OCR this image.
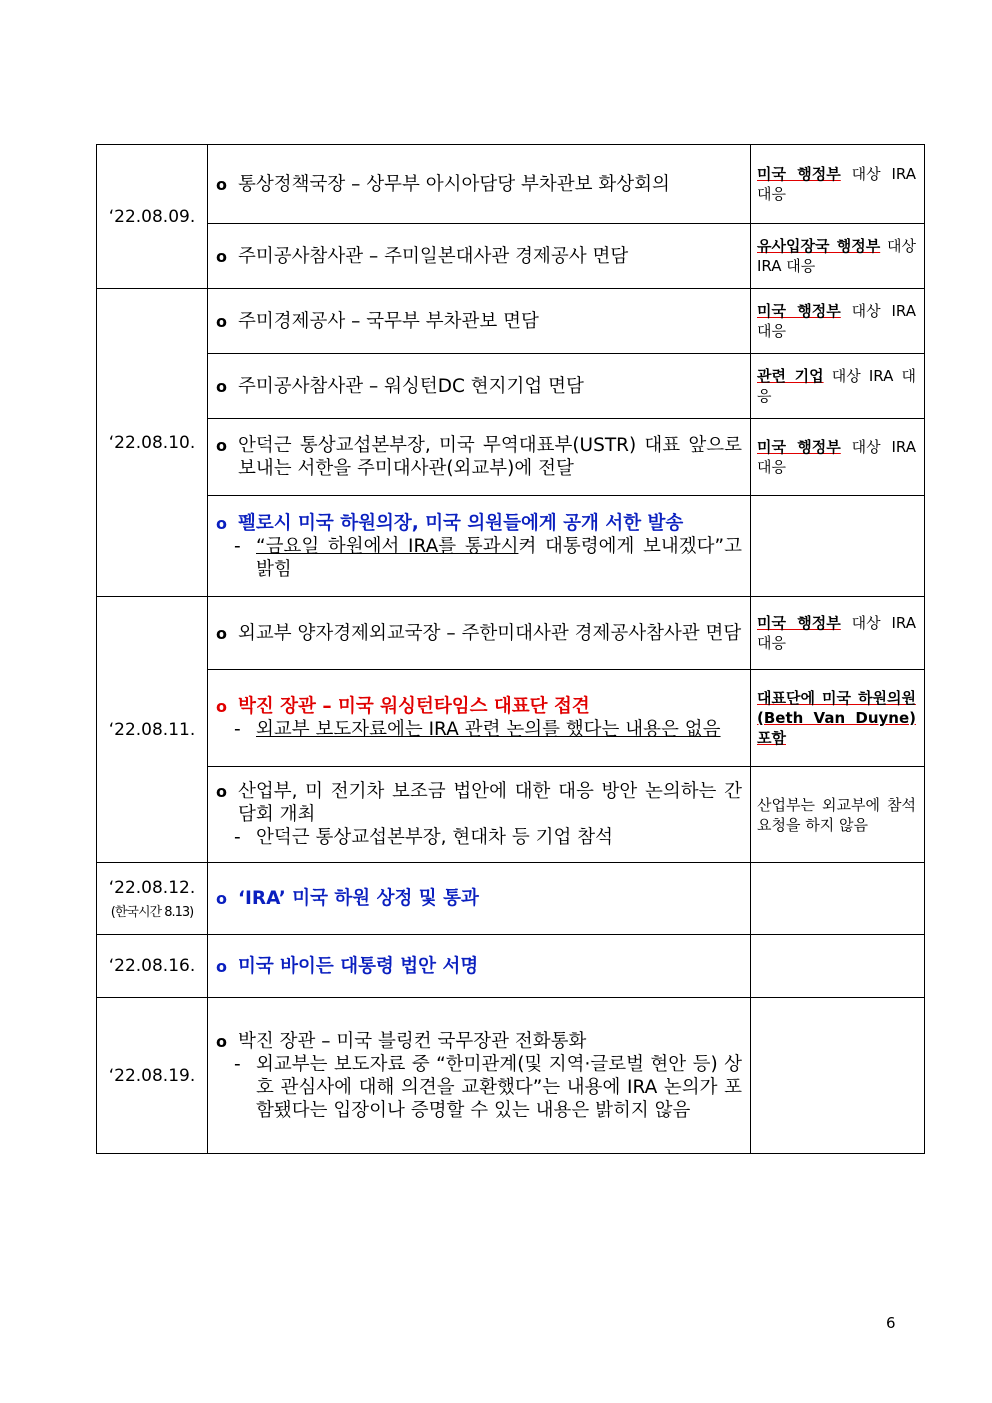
‘22.08.09.	o 통상정책국장 – 상무부 아시아담당 부차관보 화상회의	미국 행정부 대상 IRA 대응

	o 주미공사참사관 – 주미일본대사관 경제공사 면담	유사입장국 행정부 대상 IRA 대응

‘22.08.10.	o 주미경제공사 – 국무부 부차관보 면담	미국 행정부 대상 IRA 대응

	o 주미공사참사관 – 워싱턴DC 현지기업 면담	관련 기업 대상 IRA 대응

	o 안덕근 통상교섭본부장, 미국 무역대표부(USTR) 대표 앞으로 보내는 서한을 주미대사관(외교부)에 전달	미국 행정부 대상 IRA 대응

	o 펠로시 미국 하원의장, 미국 의원들에게 공개 서한 발송
- “금요일 하원에서 IRA를 통과시켜 대통령에게 보내겠다”고 밝힘	

‘22.08.11.	o 외교부 양자경제외교국장 – 주한미대사관 경제공사참사관 면담	미국 행정부 대상 IRA 대응

	o 박진 장관 – 미국 워싱턴타임스 대표단 접견
- 외교부 보도자료에는 IRA 관련 논의를 했다는 내용은 없음	대표단에 미국 하원의원(Beth Van Duyne) 포함

	o 산업부, 미 전기차 보조금 법안에 대한 대응 방안 논의하는 간담회 개최
- 안덕근 통상교섭본부장, 현대차 등 기업 참석	산업부는 외교부에 참석 요청을 하지 않음

‘22.08.12.
(한국시간 8.13)	o ‘IRA’ 미국 하원 상정 및 통과	

‘22.08.16.	o 미국 바이든 대통령 법안 서명	

‘22.08.19.	o 박진 장관 – 미국 블링컨 국무장관 전화통화
- 외교부는 보도자료 중 “한미관계(및 지역·글로벌 현안 등) 상호 관심사에 대해 의견을 교환했다”는 내용에 IRA 논의가 포함됐다는 입장이나 증명할 수 있는 내용은 밝히지 않음	

6
